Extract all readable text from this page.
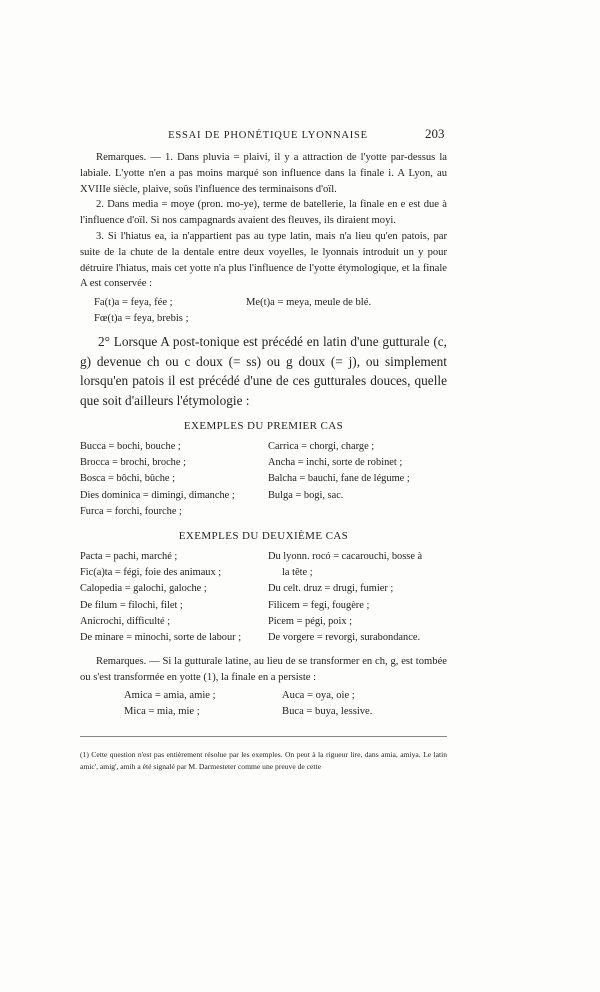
ESSAI DE PHONÉTIQUE LYONNAISE	203

Remarques. — 1. Dans pluvia = plaivi, il y a attraction de l'yotte par-dessus la labiale. L'yotte n'en a pas moins marqué son influence dans la finale i. A Lyon, au XVIIIe siècle, plaive, soûs l'influence des terminaisons d'oïl.

2. Dans media = moye (pron. mo-ye), terme de batellerie, la finale en e est due à l'influence d'oïl. Si nos campagnards avaient des fleuves, ils diraient moyi.

3. Si l'hiatus ea, ia n'appartient pas au type latin, mais n'a lieu qu'en patois, par suite de la chute de la dentale entre deux voyelles, le lyonnais introduit un y pour détruire l'hiatus, mais cet yotte n'a plus l'influence de l'yotte étymologique, et la finale A est conservée :

Fa(t)a = feya, fée ;	Me(t)a = meya, meule de blé.
Fœ(t)a = feya, brebis ;	

2° Lorsque A post-tonique est précédé en latin d'une gutturale (c, g) devenue ch ou c doux (= ss) ou g doux (= j), ou simplement lorsqu'en patois il est précédé d'une de ces gutturales douces, quelle que soit d'ailleurs l'étymologie :

EXEMPLES DU PREMIER CAS
Bucca = bochi, bouche ;	Carrica = chorgi, charge ;
Brocca = brochi, broche ;	Ancha = inchi, sorte de robinet ;
Bosca = bôchi, bûche ;	Balcha = bauchi, fane de légume ;
Dies dominica = dimingi, dimanche ;	Bulga = bogi, sac.
Furca = forchi, fourche ;	
EXEMPLES DU DEUXIÈME CAS
Pacta = pachi, marché ;	Du lyonn. rocó = cacarouchi, bosse à
Fic(a)ta = fégi, foie des animaux ;	la tête ;
Calopedia = galochi, galoche ;	Du celt. druz = drugi, fumier ;
De filum = filochi, filet ;	Filicem = fegi, fougère ;
Anicrochi, difficulté ;	Picem = pégi, poix ;
De minare = minochi, sorte de labour ;	De vorgere = revorgi, surabondance.

Remarques. — Si la gutturale latine, au lieu de se transformer en ch, g, est tombée ou s'est transformée en yotte (1), la finale en a persiste :

Amica = amia, amie ;	Auca = oya, oie ;
Mica = mia, mie ;	Buca = buya, lessive.
(1) Cette question n'est pas entièrement résolue par les exemples. On peut à la rigueur lire, dans amia, amiya. Le latin amic', amig', amih a été signalé par M. Darmesteter comme une preuve de cette
